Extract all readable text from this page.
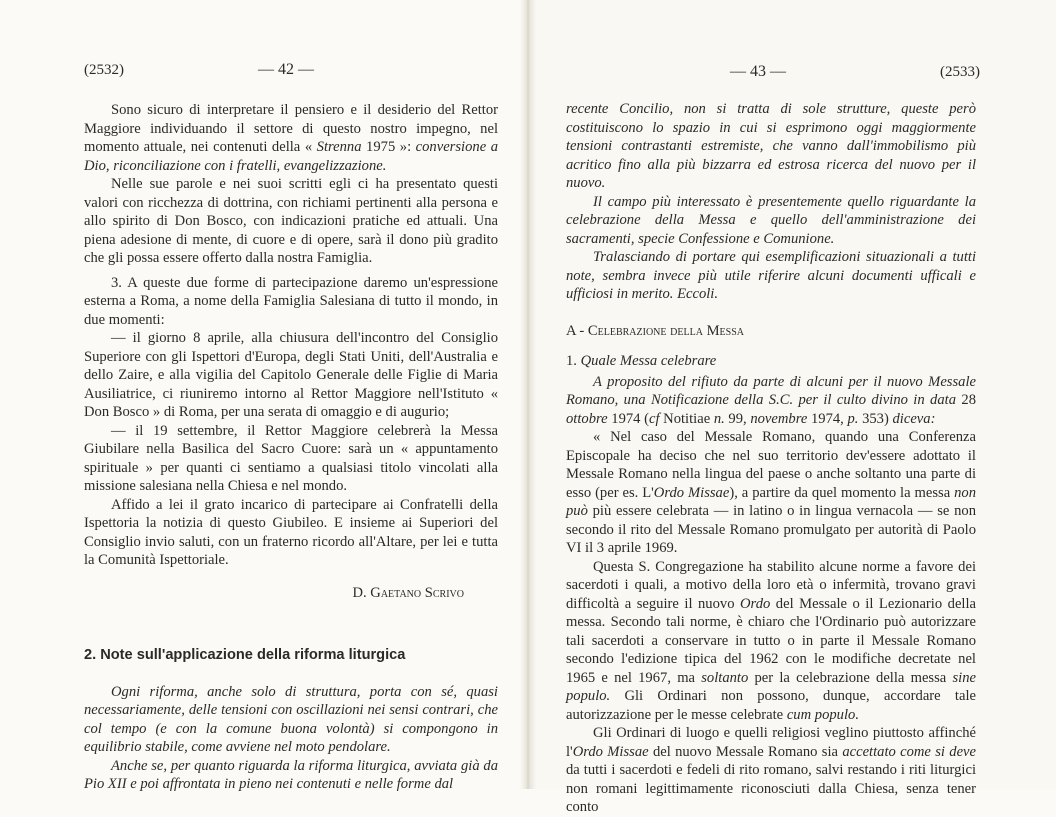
(2532)	— 42 —

Sono sicuro di interpretare il pensiero e il desiderio del Rettor Maggiore individuando il settore di questo nostro impegno, nel momento attuale, nei contenuti della « Strenna 1975 »: conversione a Dio, riconciliazione con i fratelli, evangelizzazione.

Nelle sue parole e nei suoi scritti egli ci ha presentato questi valori con ricchezza di dottrina, con richiami pertinenti alla persona e allo spirito di Don Bosco, con indicazioni pratiche ed attuali. Una piena adesione di mente, di cuore e di opere, sarà il dono più gradito che gli possa essere offerto dalla nostra Famiglia.

3. A queste due forme di partecipazione daremo un'espressione esterna a Roma, a nome della Famiglia Salesiana di tutto il mondo, in due momenti:

— il giorno 8 aprile, alla chiusura dell'incontro del Consiglio Superiore con gli Ispettori d'Europa, degli Stati Uniti, dell'Australia e dello Zaire, e alla vigilia del Capitolo Generale delle Figlie di Maria Ausiliatrice, ci riuniremo intorno al Rettor Maggiore nell'Istituto « Don Bosco » di Roma, per una serata di omaggio e di augurio;

— il 19 settembre, il Rettor Maggiore celebrerà la Messa Giubilare nella Basilica del Sacro Cuore: sarà un « appuntamento spirituale » per quanti ci sentiamo a qualsiasi titolo vincolati alla missione salesiana nella Chiesa e nel mondo.

Affido a lei il grato incarico di partecipare ai Confratelli della Ispettoria la notizia di questo Giubileo. E insieme ai Superiori del Consiglio invio saluti, con un fraterno ricordo all'Altare, per lei e tutta la Comunità Ispettoriale.

D. Gaetano Scrivo

2. Note sull'applicazione della riforma liturgica

Ogni riforma, anche solo di struttura, porta con sé, quasi necessariamente, delle tensioni con oscillazioni nei sensi contrari, che col tempo (e con la comune buona volontà) si compongono in equilibrio stabile, come avviene nel moto pendolare.

Anche se, per quanto riguarda la riforma liturgica, avviata già da Pio XII e poi affrontata in pieno nei contenuti e nelle forme dal

— 43 —	(2533)

recente Concilio, non si tratta di sole strutture, queste però costituiscono lo spazio in cui si esprimono oggi maggiormente tensioni contrastanti estremiste, che vanno dall'immobilismo più acritico fino alla più bizzarra ed estrosa ricerca del nuovo per il nuovo.

Il campo più interessato è presentemente quello riguardante la celebrazione della Messa e quello dell'amministrazione dei sacramenti, specie Confessione e Comunione.

Tralasciando di portare qui esemplificazioni situazionali a tutti note, sembra invece più utile riferire alcuni documenti ufficali e ufficiosi in merito. Eccoli.

A - Celebrazione della Messa

1. Quale Messa celebrare

A proposito del rifiuto da parte di alcuni per il nuovo Messale Romano, una Notificazione della S.C. per il culto divino in data 28 ottobre 1974 (cf Notitiae n. 99, novembre 1974, p. 353) diceva:

« Nel caso del Messale Romano, quando una Conferenza Episcopale ha deciso che nel suo territorio dev'essere adottato il Messale Romano nella lingua del paese o anche soltanto una parte di esso (per es. L'Ordo Missae), a partire da quel momento la messa non può più essere celebrata — in latino o in lingua vernacola — se non secondo il rito del Messale Romano promulgato per autorità di Paolo VI il 3 aprile 1969.

Questa S. Congregazione ha stabilito alcune norme a favore dei sacerdoti i quali, a motivo della loro età o infermità, trovano gravi difficoltà a seguire il nuovo Ordo del Messale o il Lezionario della messa. Secondo tali norme, è chiaro che l'Ordinario può autorizzare tali sacerdoti a conservare in tutto o in parte il Messale Romano secondo l'edizione tipica del 1962 con le modifiche decretate nel 1965 e nel 1967, ma soltanto per la celebrazione della messa sine populo. Gli Ordinari non possono, dunque, accordare tale autorizzazione per le messe celebrate cum populo.

Gli Ordinari di luogo e quelli religiosi veglino piuttosto affinché l'Ordo Missae del nuovo Messale Romano sia accettato come si deve da tutti i sacerdoti e fedeli di rito romano, salvi restando i riti liturgici non romani legittimamente riconosciuti dalla Chiesa, senza tener conto
